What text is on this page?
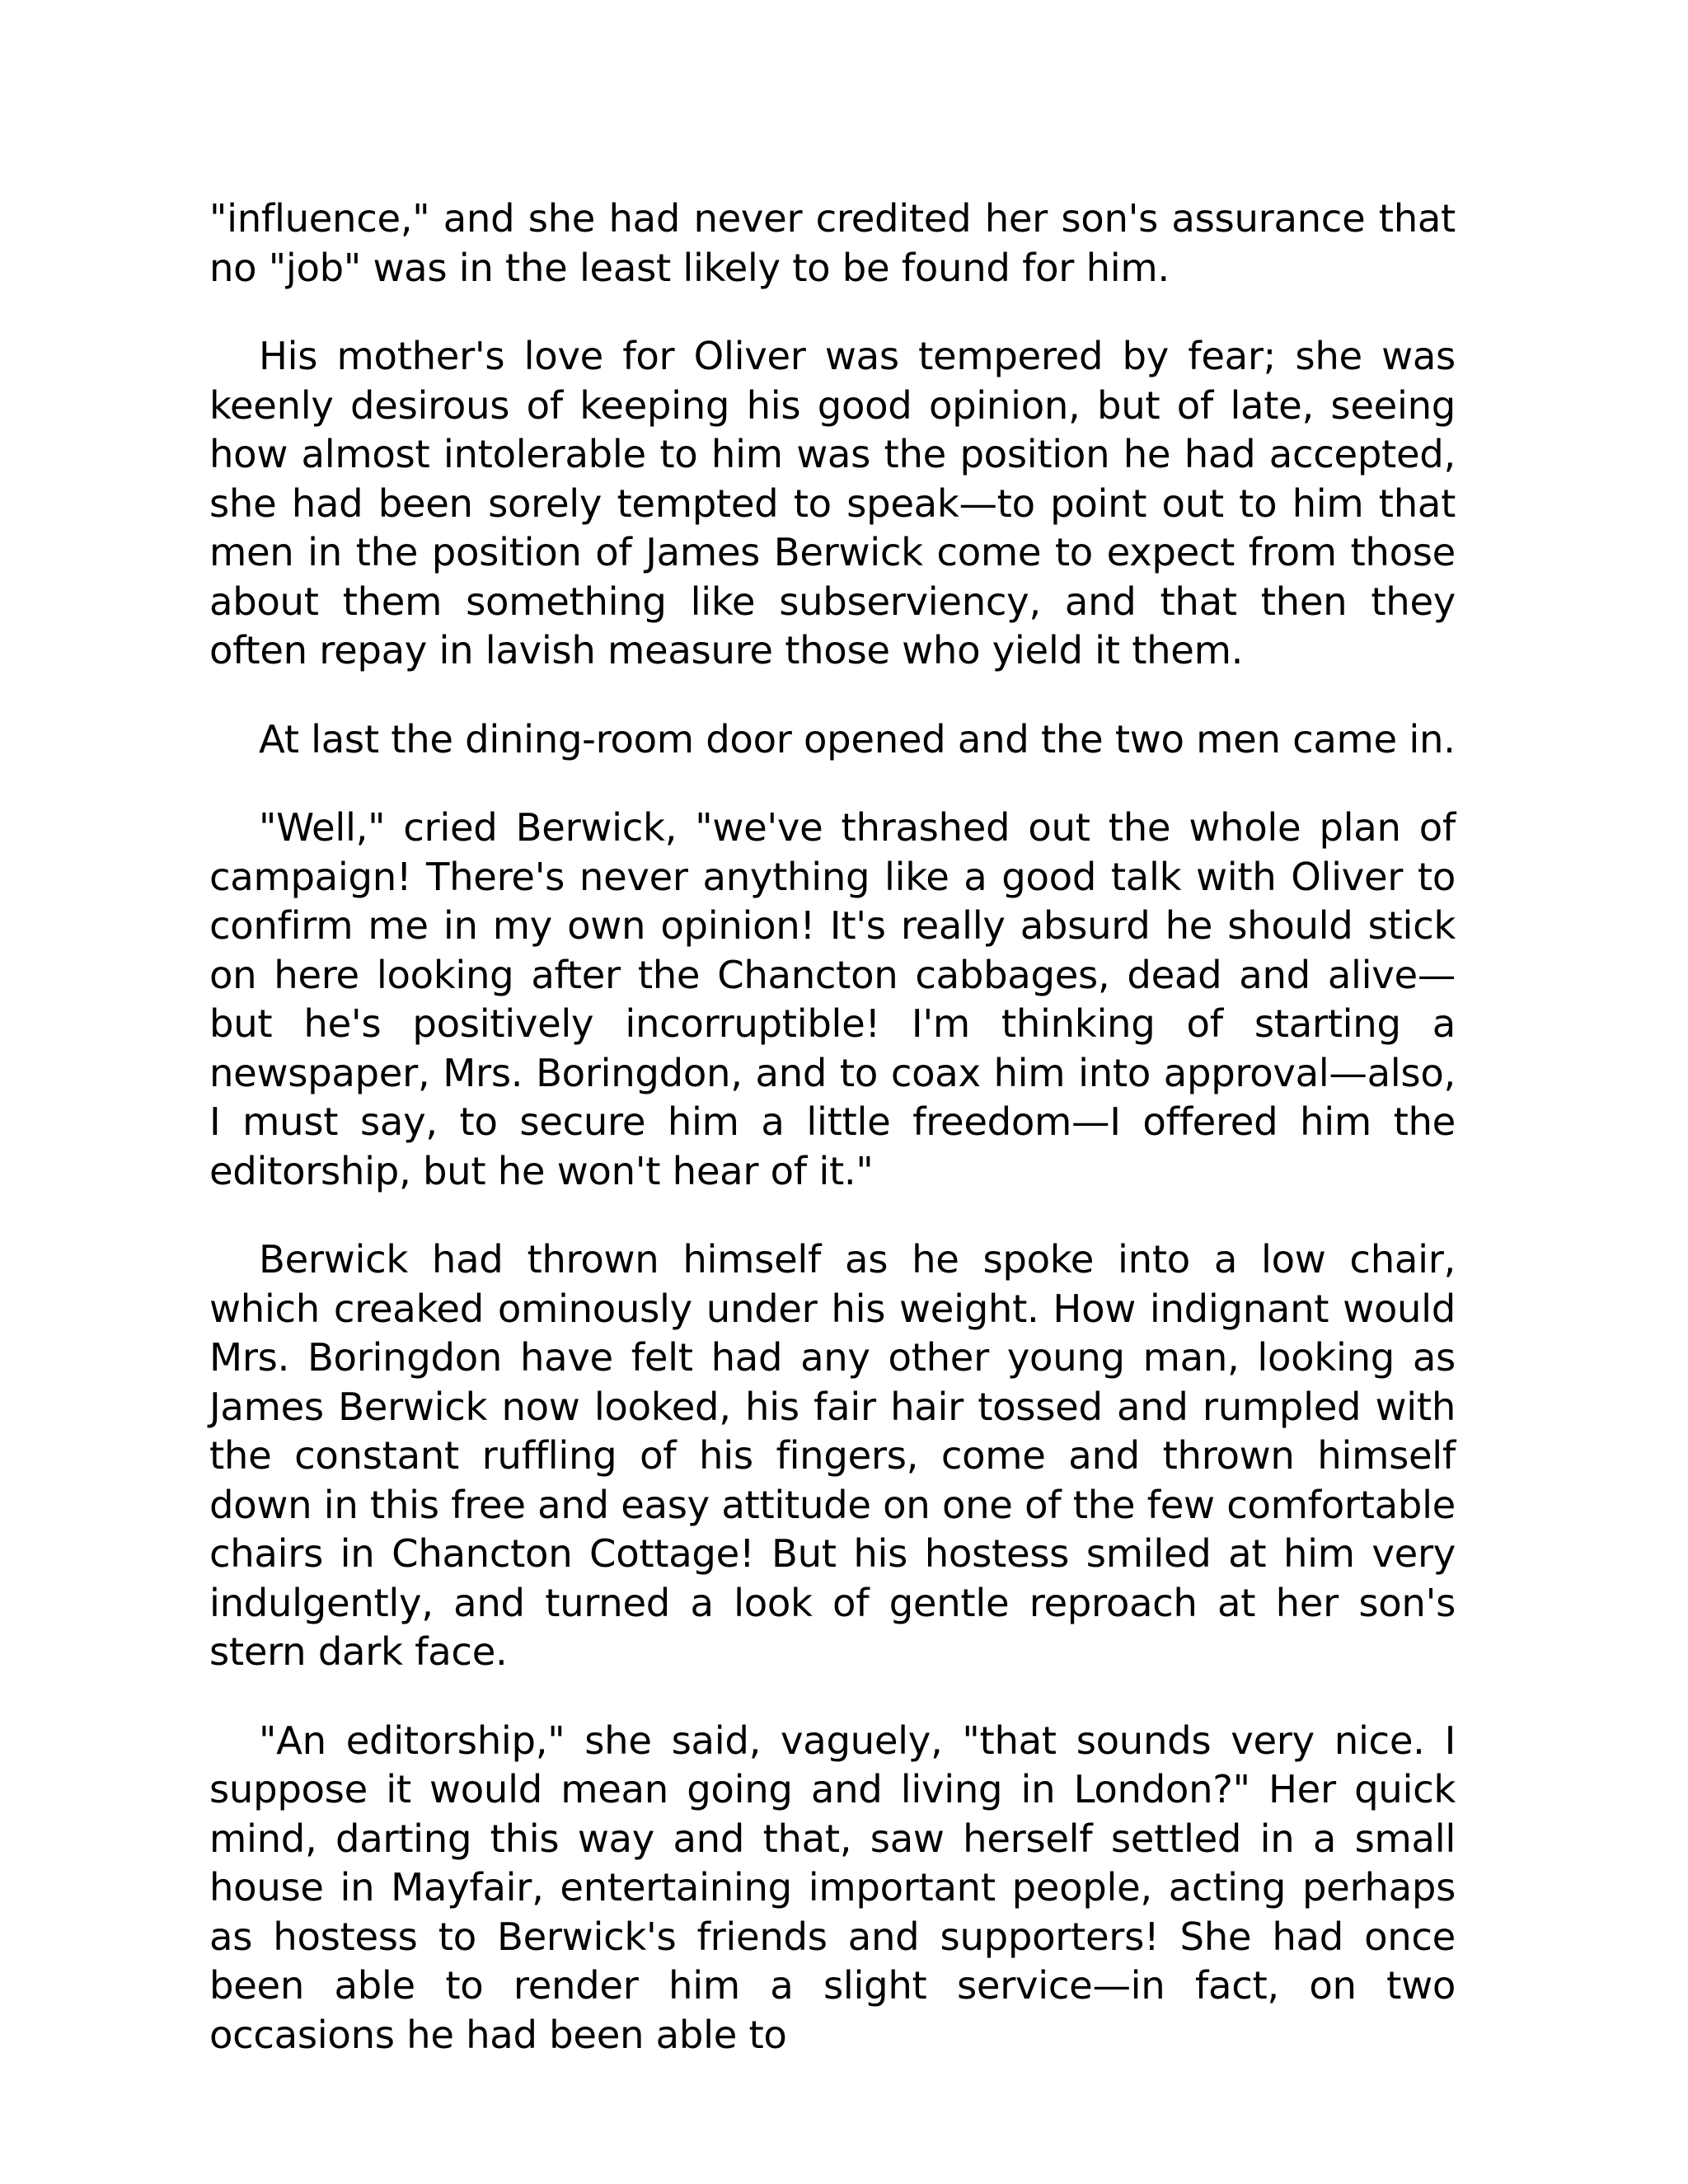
"influence," and she had never credited her son's assurance that no "job" was in the least likely to be found for him.

His mother's love for Oliver was tempered by fear; she was keenly desirous of keeping his good opinion, but of late, seeing how almost intolerable to him was the position he had accepted, she had been sorely tempted to speak—to point out to him that men in the position of James Berwick come to expect from those about them something like subserviency, and that then they often repay in lavish measure those who yield it them.

At last the dining-room door opened and the two men came in.

"Well," cried Berwick, "we've thrashed out the whole plan of campaign! There's never anything like a good talk with Oliver to confirm me in my own opinion! It's really absurd he should stick on here looking after the Chancton cabbages, dead and alive—but he's positively incorruptible! I'm thinking of starting a newspaper, Mrs. Boringdon, and to coax him into approval—also, I must say, to secure him a little freedom—I offered him the editorship, but he won't hear of it."

Berwick had thrown himself as he spoke into a low chair, which creaked ominously under his weight. How indignant would Mrs. Boringdon have felt had any other young man, looking as James Berwick now looked, his fair hair tossed and rumpled with the constant ruffling of his fingers, come and thrown himself down in this free and easy attitude on one of the few comfortable chairs in Chancton Cottage! But his hostess smiled at him very indulgently, and turned a look of gentle reproach at her son's stern dark face.

"An editorship," she said, vaguely, "that sounds very nice. I suppose it would mean going and living in London?" Her quick mind, darting this way and that, saw herself settled in a small house in Mayfair, entertaining important people, acting perhaps as hostess to Berwick's friends and supporters! She had once been able to render him a slight service—in fact, on two occasions he had been able to
